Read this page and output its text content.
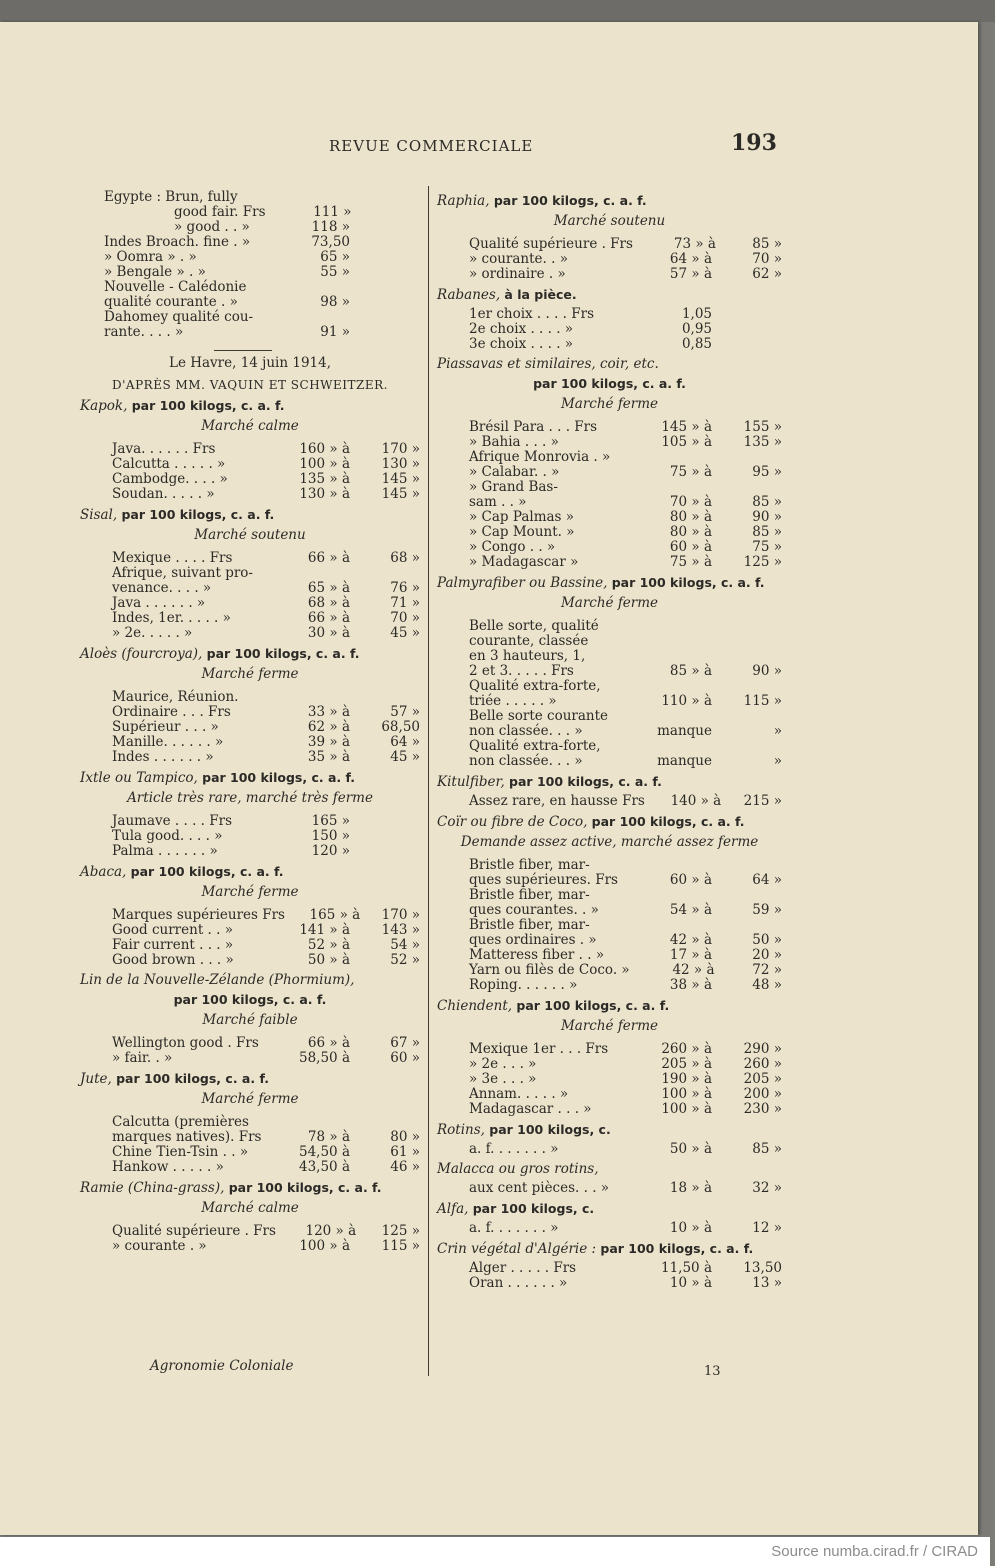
REVUE COMMERCIALE	193
Egypte : Brun, fully
good fair. Frs	111 »
» good . . »	118 »
Indes Broach. fine . »	73,50
» Oomra » . »	65 »
» Bengale » . »	55 »
Nouvelle - Calédonie
qualité courante . »	98 »
Dahomey qualité cou-
rante. . . . »	91 »
Le Havre, 14 juin 1914,
D'APRÈS MM. VAQUIN ET SCHWEITZER.
Kapok, par 100 kilogs, c. a. f.
Marché calme
Java. . . . . . Frs	160 » à	170 »
Calcutta . . . . . »	100 » à	130 »
Cambodge. . . . »	135 » à	145 »
Soudan. . . . . »	130 » à	145 »
Sisal, par 100 kilogs, c. a. f.
Marché soutenu
Mexique . . . . Frs	66 » à	68 »
Afrique, suivant pro-
venance. . . . »	65 » à	76 »
Java . . . . . . »	68 » à	71 »
Indes, 1er. . . . . »	66 » à	70 »
» 2e. . . . . »	30 » à	45 »
Aloès (fourcroya), par 100 kilogs, c. a. f.
Marché ferme
Maurice, Réunion.
Ordinaire . . . Frs	33 » à	57 »
Supérieur . . . »	62 » à	68,50
Manille. . . . . . »	39 » à	64 »
Indes . . . . . . »	35 » à	45 »
Ixtle ou Tampico, par 100 kilogs, c. a. f.
Article très rare, marché très ferme
Jaumave . . . . Frs	165 »
Tula good. . . . »	150 »
Palma . . . . . . »	120 »
Abaca, par 100 kilogs, c. a. f.
Marché ferme
Marques supérieures Frs	165 » à	170 »
Good current . . »	141 » à	143 »
Fair current . . . »	52 » à	54 »
Good brown . . . »	50 » à	52 »
Lin de la Nouvelle-Zélande (Phormium),
par 100 kilogs, c. a. f.
Marché faible
Wellington good . Frs	66 » à	67 »
» fair. . »	58,50 à	60 »
Jute, par 100 kilogs, c. a. f.
Marché ferme
Calcutta (premières
marques natives). Frs	78 » à	80 »
Chine Tien-Tsin . . »	54,50 à	61 »
Hankow . . . . . »	43,50 à	46 »
Ramie (China-grass), par 100 kilogs, c. a. f.
Marché calme
Qualité supérieure . Frs	120 » à	125 »
» courante . »	100 » à	115 »
Raphia, par 100 kilogs, c. a. f.
Marché soutenu
Qualité supérieure . Frs	73 » à	85 »
» courante. . »	64 » à	70 »
» ordinaire . »	57 » à	62 »
Rabanes, à la pièce.
1er choix . . . . Frs	1,05
2e choix . . . . »	0,95
3e choix . . . . »	0,85
Piassavas et similaires, coir, etc.
par 100 kilogs, c. a. f.
Marché ferme
Brésil Para . . . Frs	145 » à	155 »
» Bahia . . . »	105 » à	135 »
Afrique Monrovia . »
» Calabar. . »	75 » à	95 »
» Grand Bas-
sam . . »	70 » à	85 »
» Cap Palmas »	80 » à	90 »
» Cap Mount. »	80 » à	85 »
» Congo . . »	60 » à	75 »
» Madagascar »	75 » à	125 »
Palmyrafiber ou Bassine, par 100 kilogs, c. a. f.
Marché ferme
Belle sorte, qualité
courante, classée
en 3 hauteurs, 1,
2 et 3. . . . . Frs	85 » à	90 »
Qualité extra-forte,
triée . . . . . »	110 » à	115 »
Belle sorte courante
non classée. . . »	manque	»
Qualité extra-forte,
non classée. . . »	manque	»
Kitulfiber, par 100 kilogs, c. a. f.
Assez rare, en hausse Frs	140 » à	215 »
Coïr ou fibre de Coco, par 100 kilogs, c. a. f.
Demande assez active, marché assez ferme
Bristle fiber, mar-
ques supérieures. Frs	60 » à	64 »
Bristle fiber, mar-
ques courantes. . »	54 » à	59 »
Bristle fiber, mar-
ques ordinaires . »	42 » à	50 »
Matteress fiber . . »	17 » à	20 »
Yarn ou filès de Coco. »	42 » à	72 »
Roping. . . . . . »	38 » à	48 »
Chiendent, par 100 kilogs, c. a. f.
Marché ferme
Mexique 1er . . . Frs	260 » à	290 »
» 2e . . . »	205 » à	260 »
» 3e . . . »	190 » à	205 »
Annam. . . . . »	100 » à	200 »
Madagascar . . . »	100 » à	230 »
Rotins, par 100 kilogs, c.
a. f. . . . . . . »	50 » à	85 »
Malacca ou gros rotins,
aux cent pièces. . . »	18 » à	32 »
Alfa, par 100 kilogs, c.
a. f. . . . . . . »	10 » à	12 »
Crin végétal d'Algérie : par 100 kilogs, c. a. f.
Alger . . . . . Frs	11,50 à	13,50
Oran . . . . . . »	10 » à	13 »
Agronomie Coloniale	13
Source numba.cirad.fr / CIRAD
